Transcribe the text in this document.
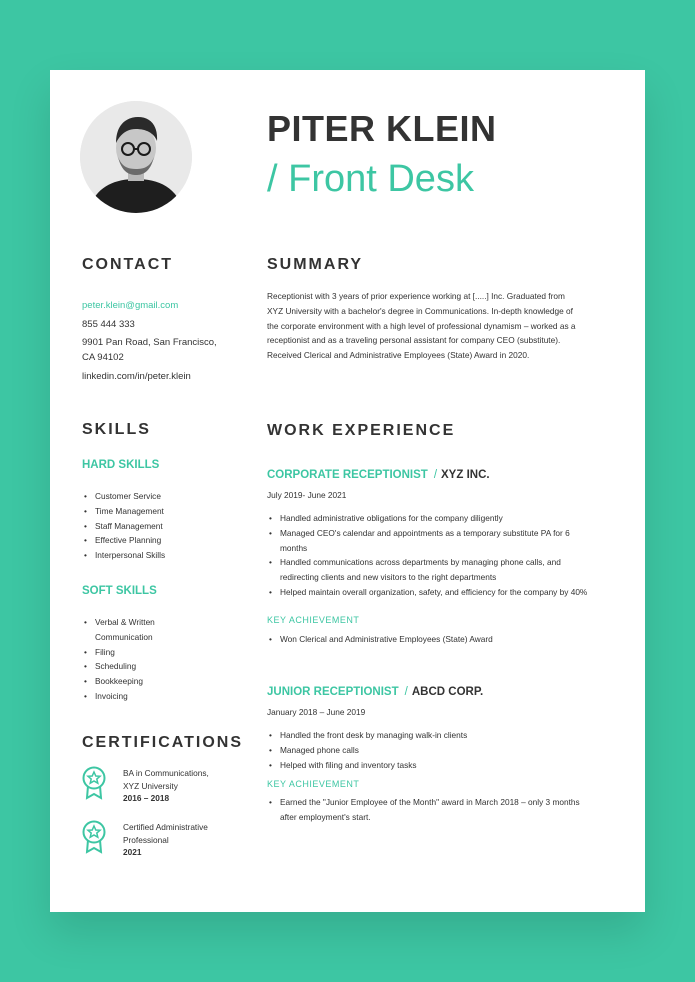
PITER KLEIN
/ Front Desk
CONTACT
peter.klein@gmail.com
855 444 333
9901 Pan Road, San Francisco,
CA 94102
linkedin.com/in/peter.klein
SKILLS
HARD SKILLS
• Customer Service
• Time Management
• Staff Management
• Effective Planning
• Interpersonal Skills
SOFT SKILLS
• Verbal & Written Communication
• Filing
• Scheduling
• Bookkeeping
• Invoicing
CERTIFICATIONS
BA in Communications,
XYZ University
2016 – 2018
Certified Administrative
Professional
2021
SUMMARY
Receptionist with 3 years of prior experience working at [.....] Inc. Graduated from XYZ University with a bachelor's degree in Communications. In-depth knowledge of the corporate environment with a high level of professional dynamism – worked as a receptionist and as a traveling personal assistant for company CEO (substitute). Received Clerical and Administrative Employees (State) Award in 2020.
WORK EXPERIENCE
CORPORATE RECEPTIONIST / XYZ INC.
July 2019- June 2021
• Handled administrative obligations for the company diligently
• Managed CEO's calendar and appointments as a temporary substitute PA for 6 months
• Handled communications across departments by managing phone calls, and redirecting clients and new visitors to the right departments
• Helped maintain overall organization, safety, and efficiency for the company by 40%
KEY ACHIEVEMENT
• Won Clerical and Administrative Employees (State) Award
JUNIOR RECEPTIONIST / ABCD CORP.
January 2018 – June 2019
• Handled the front desk by managing walk-in clients
• Managed phone calls
• Helped with filing and inventory tasks
KEY ACHIEVEMENT
• Earned the "Junior Employee of the Month" award in March 2018 – only 3 months after employment's start.
